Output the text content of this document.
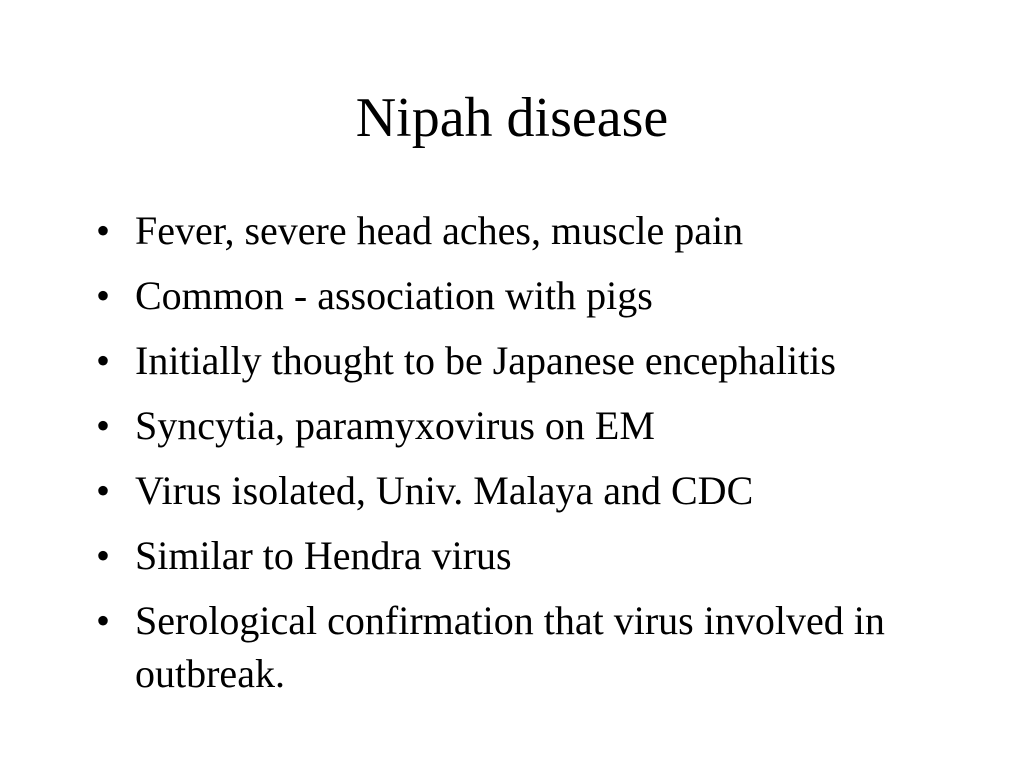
Nipah disease
• Fever, severe head aches, muscle pain
• Common - association with pigs
• Initially thought to be Japanese encephalitis
• Syncytia, paramyxovirus on EM
• Virus isolated, Univ. Malaya and CDC
• Similar to Hendra virus
• Serological confirmation that virus involved in outbreak.
